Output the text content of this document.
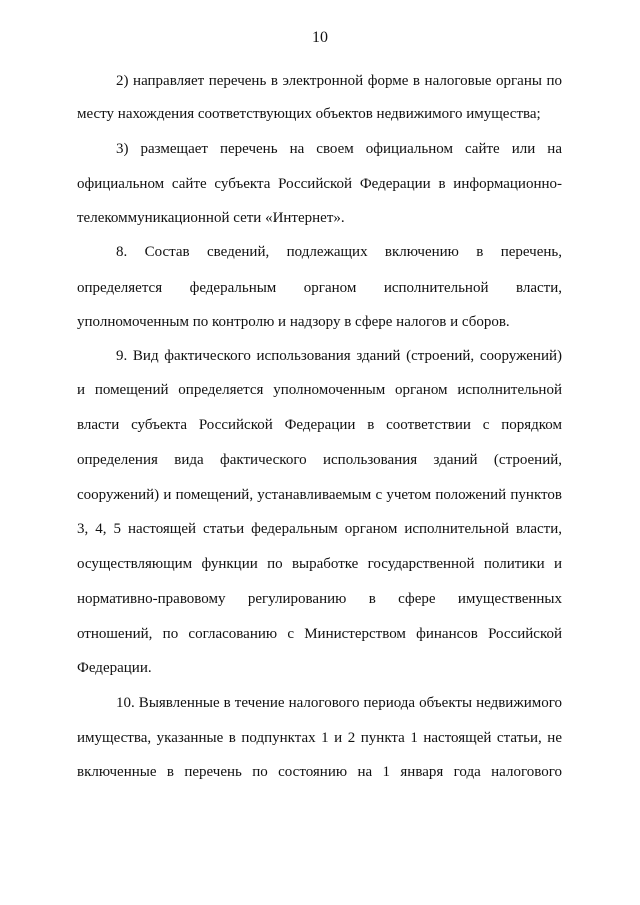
10
2) направляет перечень в электронной форме в налоговые органы по
месту нахождения соответствующих объектов недвижимого имущества;
3) размещает перечень на своем официальном сайте или на
официальном сайте субъекта Российской Федерации в информационно-
телекоммуникационной сети «Интернет».
8. Состав сведений, подлежащих включению в перечень,
определяется федеральным органом исполнительной власти,
уполномоченным по контролю и надзору в сфере налогов и сборов.
9. Вид фактического использования зданий (строений, сооружений)
и помещений определяется уполномоченным органом исполнительной
власти субъекта Российской Федерации в соответствии с порядком
определения вида фактического использования зданий (строений,
сооружений) и помещений, устанавливаемым с учетом положений пунктов
3, 4, 5 настоящей статьи федеральным органом исполнительной власти,
осуществляющим функции по выработке государственной политики и
нормативно-правовому регулированию в сфере имущественных
отношений, по согласованию с Министерством финансов Российской
Федерации.
10. Выявленные в течение налогового периода объекты недвижимого
имущества, указанные в подпунктах 1 и 2 пункта 1 настоящей статьи, не
включенные в перечень по состоянию на 1 января года налогового
